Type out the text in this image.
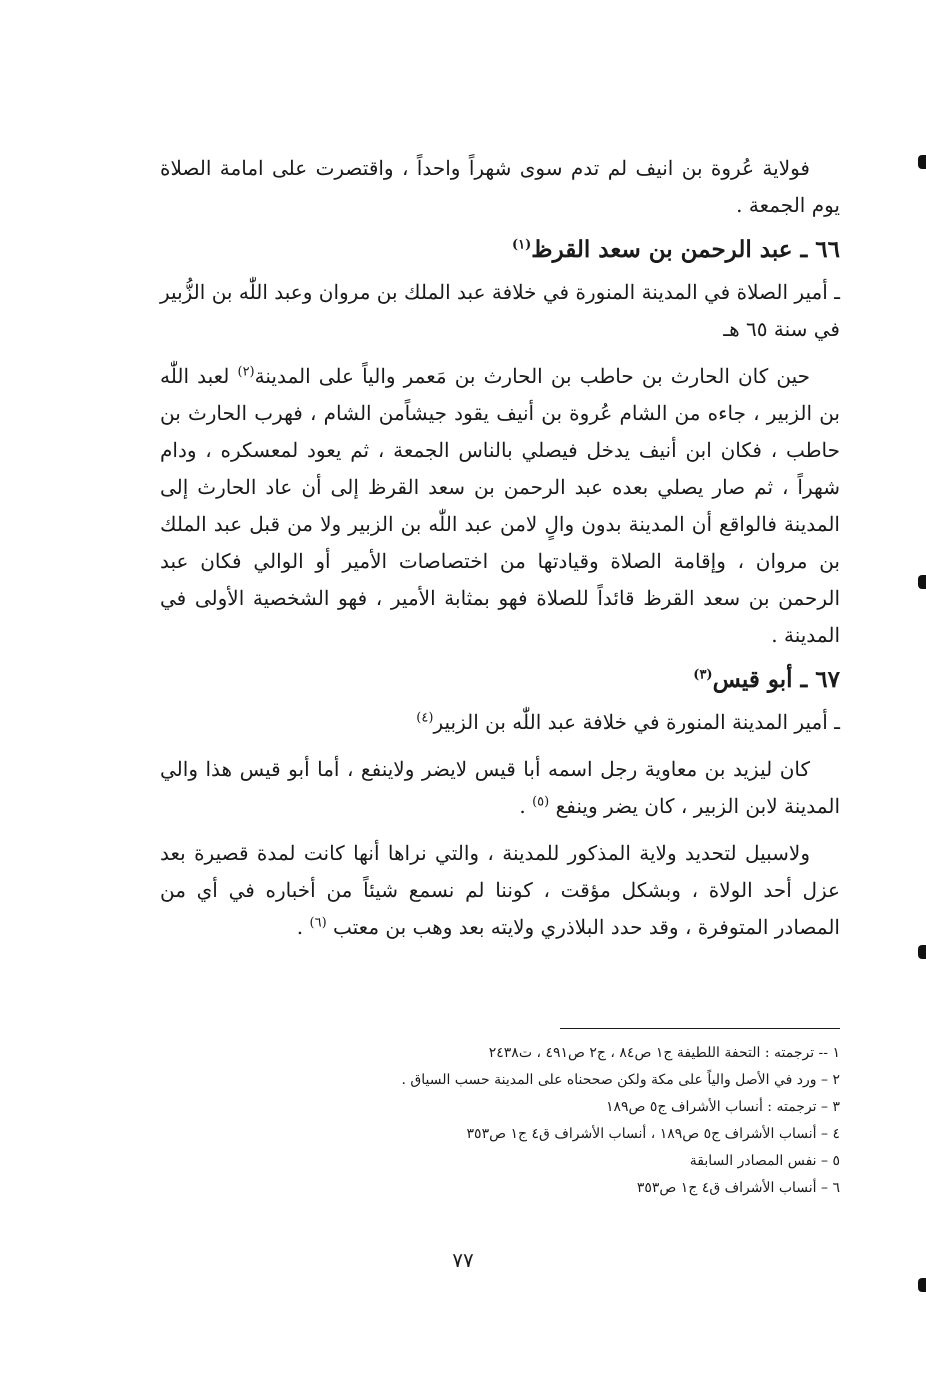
فولاية عُروة بن انيف لم تدم سوى شهراً واحداً ، واقتصرت على امامة الصلاة يوم الجمعة .

٦٦ ـ عبد الرحمن بن سعد القرظ$^{(١)}$

ـ أمير الصلاة في المدينة المنورة في خلافة عبد الملك بن مروان وعبد اللّٰه بن الزُّبير في سنة ٦٥ هـ

حين كان الحارث بن حاطب بن الحارث بن مَعمر والياً على المدينة$^{(٢)}$ لعبد اللّٰه بن الزبير ، جاءه من الشام عُروة بن أنيف يقود جيشاًمن الشام ، فهرب الحارث بن حاطب ، فكان ابن أنيف يدخل فيصلي بالناس الجمعة ، ثم يعود لمعسكره ، ودام شهراً ، ثم صار يصلي بعده عبد الرحمن بن سعد القرظ إلى أن عاد الحارث إلى المدينة فالواقع أن المدينة بدون والٍ لامن عبد اللّٰه بن الزبير ولا من قبل عبد الملك بن مروان ، وإقامة الصلاة وقيادتها من اختصاصات الأمير أو الوالي فكان عبد الرحمن بن سعد القرظ قائداً للصلاة فهو بمثابة الأمير ، فهو الشخصية الأولى في المدينة .

٦٧ ـ أبو قيس$^{(٣)}$

ـ أمير المدينة المنورة في خلافة عبد اللّٰه بن الزبير$^{(٤)}$

كان ليزيد بن معاوية رجل اسمه أبا قيس لايضر ولاينفع ، أما أبو قيس هذا والي المدينة لابن الزبير ، كان يضر وينفع $^{(٥)}$ .

ولاسبيل لتحديد ولاية المذكور للمدينة ، والتي نراها أنها كانت لمدة قصيرة بعد عزل أحد الولاة ، وبشكل مؤقت ، كوننا لم نسمع شيئاً من أخباره في أي من المصادر المتوفرة ، وقد حدد البلاذري ولايته بعد وهب بن معتب $^{(٦)}$ .

١ -- ترجمته : التحفة اللطيفة ج١ ص٨٤ ، ج٢ ص٤٩١ ، ت٢٤٣٨

٢ – ورد في الأصل والياً على مكة ولكن صححناه على المدينة حسب السياق .

٣ – ترجمته : أنساب الأشراف ج٥ ص١٨٩

٤ – أنساب الأشراف ج٥ ص١٨٩ ، أنساب الأشراف ق٤ ج١ ص٣٥٣

٥ – نفس المصادر السابقة

٦ – أنساب الأشراف ق٤ ج١ ص٣٥٣

٧٧
